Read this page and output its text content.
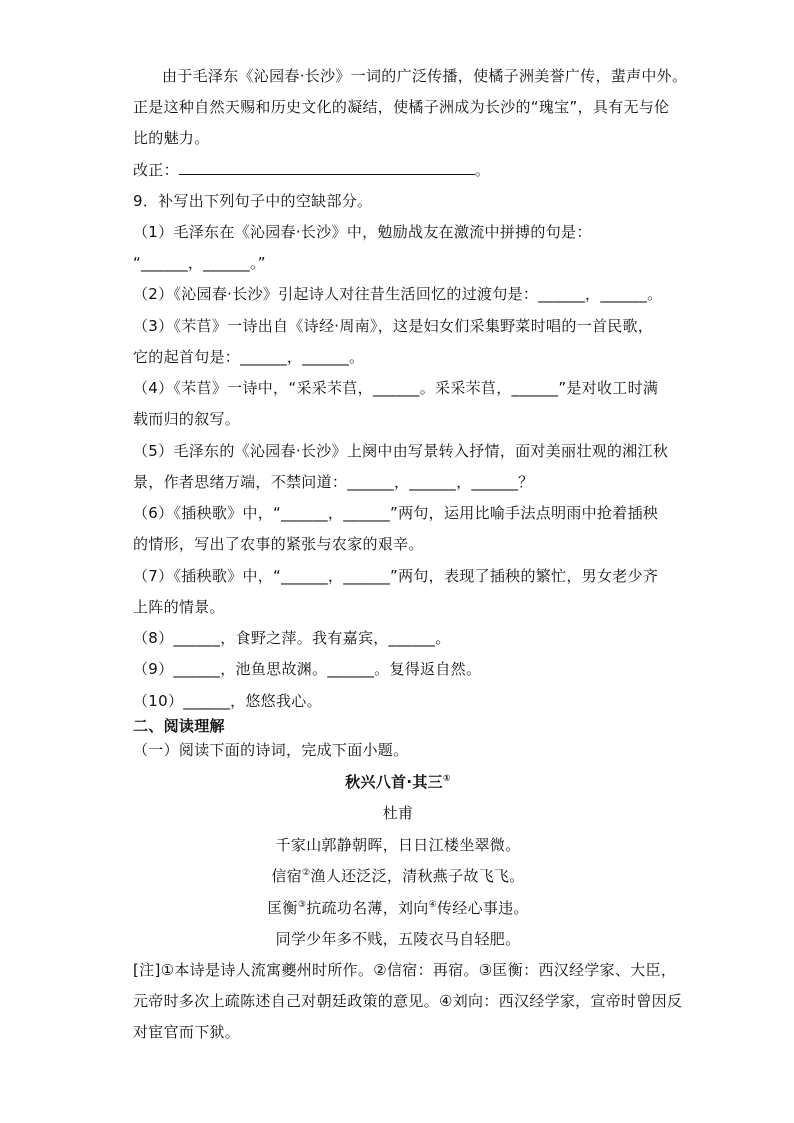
由于毛泽东《沁园春·长沙》一词的广泛传播，使橘子洲美誉广传，蜚声中外。
正是这种自然天赐和历史文化的凝结，使橘子洲成为长沙的“瑰宝”，具有无与伦
比的魅力。
改正：	。
9．补写出下列句子中的空缺部分。
（1）毛泽东在《沁园春·长沙》中，勉励战友在激流中拼搏的句是：
“______，______。”
（2）《沁园春·长沙》引起诗人对往昔生活回忆的过渡句是：______，______。
（3）《芣苢》一诗出自《诗经·周南》，这是妇女们采集野菜时唱的一首民歌，
它的起首句是：______，______。
（4）《芣苢》一诗中，“采采芣苢，______。采采芣苢，______”是对收工时满
载而归的叙写。
（5）毛泽东的《沁园春·长沙》上阕中由写景转入抒情，面对美丽壮观的湘江秋
景，作者思绪万端，不禁问道：______，______，______？
（6）《插秧歌》中，“______，______”两句，运用比喻手法点明雨中抢着插秧
的情形，写出了农事的紧张与农家的艰辛。
（7）《插秧歌》中，“______，______”两句，表现了插秧的繁忙，男女老少齐
上阵的情景。
（8）______，食野之萍。我有嘉宾，______。
（9）______，池鱼思故渊。______。复得返自然。
（10）______，悠悠我心。
二、阅读理解
（一）阅读下面的诗词，完成下面小题。
秋兴八首·其三①
杜甫
千家山郭静朝晖，日日江楼坐翠微。
信宿②渔人还泛泛，清秋燕子故飞飞。
匡衡③抗疏功名薄，刘向④传经心事违。
同学少年多不贱，五陵衣马自轻肥。
[注]①本诗是诗人流寓夔州时所作。②信宿：再宿。③匡衡：西汉经学家、大臣，
元帝时多次上疏陈述自己对朝廷政策的意见。④刘向：西汉经学家，宣帝时曾因反
对宦官而下狱。
